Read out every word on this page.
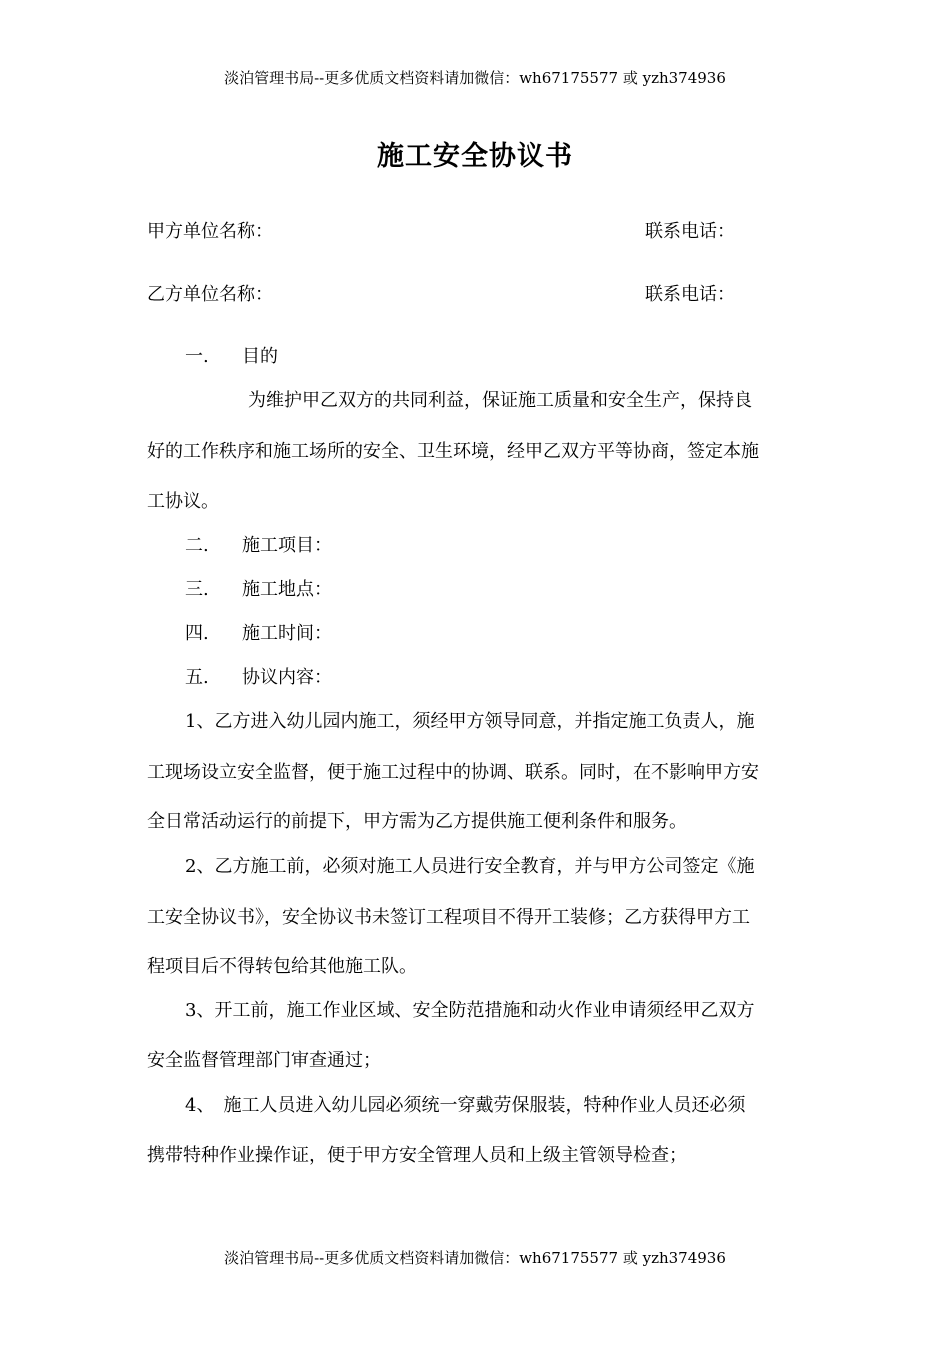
淡泊管理书局--更多优质文档资料请加微信：wh67175577 或 yzh374936
施工安全协议书
甲方单位名称：	联系电话：
乙方单位名称：	联系电话：
一. 目的
为维护甲乙双方的共同利益，保证施工质量和安全生产，保持良
好的工作秩序和施工场所的安全、卫生环境，经甲乙双方平等协商，签定本施
工协议。
二. 施工项目：
三. 施工地点：
四. 施工时间：
五. 协议内容：
1、乙方进入幼儿园内施工，须经甲方领导同意，并指定施工负责人，施
工现场设立安全监督，便于施工过程中的协调、联系。同时，在不影响甲方安
全日常活动运行的前提下，甲方需为乙方提供施工便利条件和服务。
2、乙方施工前，必须对施工人员进行安全教育，并与甲方公司签定《施
工安全协议书》，安全协议书未签订工程项目不得开工装修；乙方获得甲方工
程项目后不得转包给其他施工队。
3、开工前，施工作业区域、安全防范措施和动火作业申请须经甲乙双方
安全监督管理部门审查通过；
4、　施工人员进入幼儿园必须统一穿戴劳保服装，特种作业人员还必须
携带特种作业操作证，便于甲方安全管理人员和上级主管领导检查；
淡泊管理书局--更多优质文档资料请加微信：wh67175577 或 yzh374936
